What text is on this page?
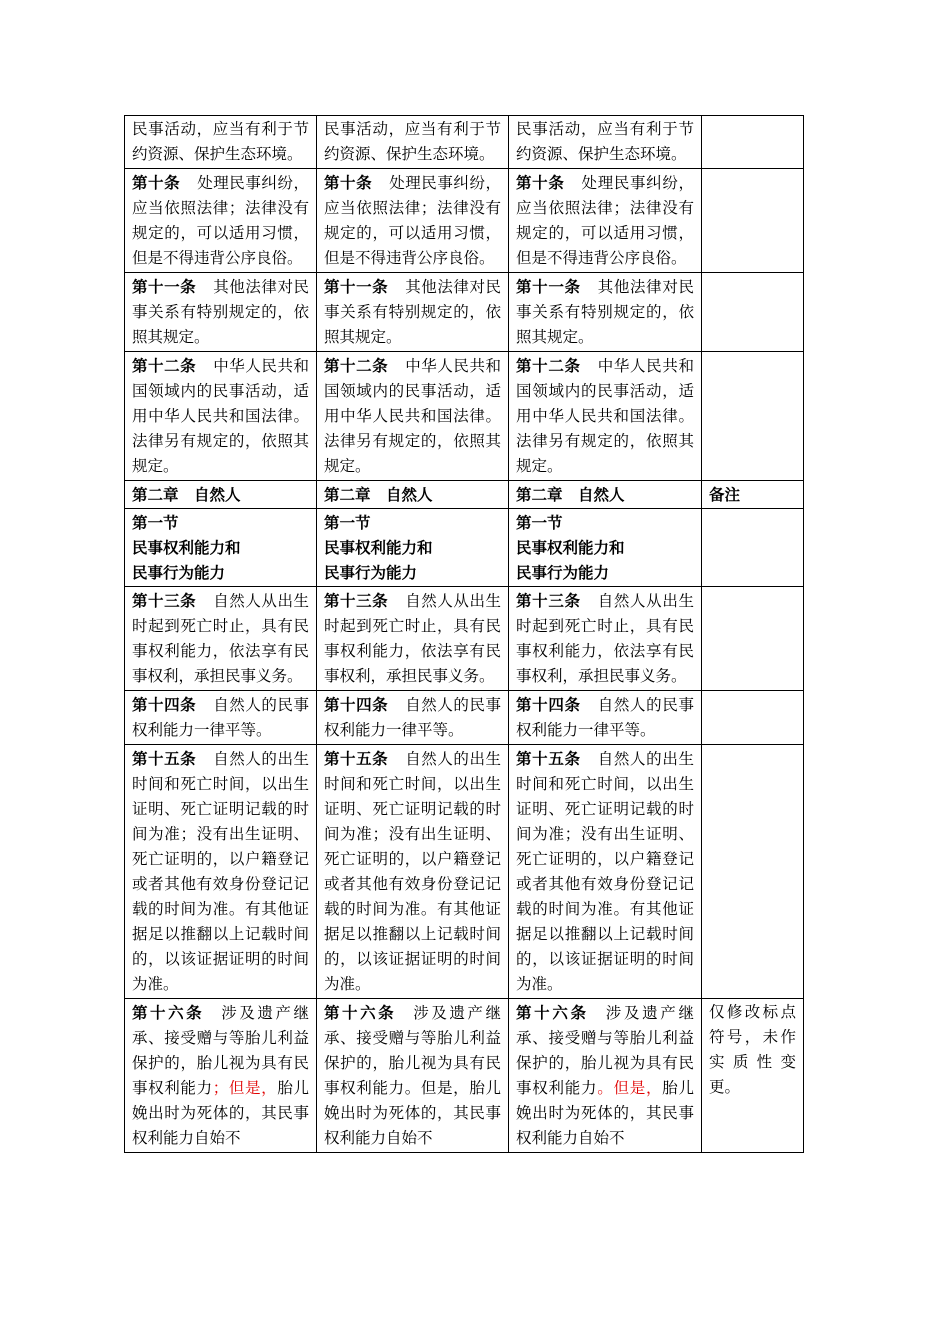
民事活动，应当有利于节约资源、保护生态环境。	民事活动，应当有利于节约资源、保护生态环境。	民事活动，应当有利于节约资源、保护生态环境。	
第十条 处理民事纠纷，应当依照法律；法律没有规定的，可以适用习惯，但是不得违背公序良俗。	第十条 处理民事纠纷，应当依照法律；法律没有规定的，可以适用习惯，但是不得违背公序良俗。	第十条 处理民事纠纷，应当依照法律；法律没有规定的，可以适用习惯，但是不得违背公序良俗。	
第十一条 其他法律对民事关系有特别规定的，依照其规定。	第十一条 其他法律对民事关系有特别规定的，依照其规定。	第十一条 其他法律对民事关系有特别规定的，依照其规定。	
第十二条 中华人民共和国领域内的民事活动，适用中华人民共和国法律。法律另有规定的，依照其规定。	第十二条 中华人民共和国领域内的民事活动，适用中华人民共和国法律。法律另有规定的，依照其规定。	第十二条 中华人民共和国领域内的民事活动，适用中华人民共和国法律。法律另有规定的，依照其规定。	
第二章　自然人	第二章　自然人	第二章　自然人	备注

第一节
民事权利能力和
民事行为能力	第一节
民事权利能力和
民事行为能力	第一节
民事权利能力和
民事行为能力	

第十三条 自然人从出生时起到死亡时止，具有民事权利能力，依法享有民事权利，承担民事义务。	第十三条 自然人从出生时起到死亡时止，具有民事权利能力，依法享有民事权利，承担民事义务。	第十三条 自然人从出生时起到死亡时止，具有民事权利能力，依法享有民事权利，承担民事义务。	
第十四条 自然人的民事权利能力一律平等。	第十四条 自然人的民事权利能力一律平等。	第十四条 自然人的民事权利能力一律平等。	
第十五条 自然人的出生时间和死亡时间，以出生证明、死亡证明记载的时间为准；没有出生证明、死亡证明的，以户籍登记或者其他有效身份登记记载的时间为准。有其他证据足以推翻以上记载时间的，以该证据证明的时间为准。	第十五条 自然人的出生时间和死亡时间，以出生证明、死亡证明记载的时间为准；没有出生证明、死亡证明的，以户籍登记或者其他有效身份登记记载的时间为准。有其他证据足以推翻以上记载时间的，以该证据证明的时间为准。	第十五条 自然人的出生时间和死亡时间，以出生证明、死亡证明记载的时间为准；没有出生证明、死亡证明的，以户籍登记或者其他有效身份登记记载的时间为准。有其他证据足以推翻以上记载时间的，以该证据证明的时间为准。	
第十六条 涉及遗产继承、接受赠与等胎儿利益保护的，胎儿视为具有民事权利能力；但是，胎儿娩出时为死体的，其民事权利能力自始不	第十六条 涉及遗产继承、接受赠与等胎儿利益保护的，胎儿视为具有民事权利能力。但是，胎儿娩出时为死体的，其民事权利能力自始不	第十六条 涉及遗产继承、接受赠与等胎儿利益保护的，胎儿视为具有民事权利能力。但是，胎儿娩出时为死体的，其民事权利能力自始不	仅修改标点符号，未作实质性变更。
